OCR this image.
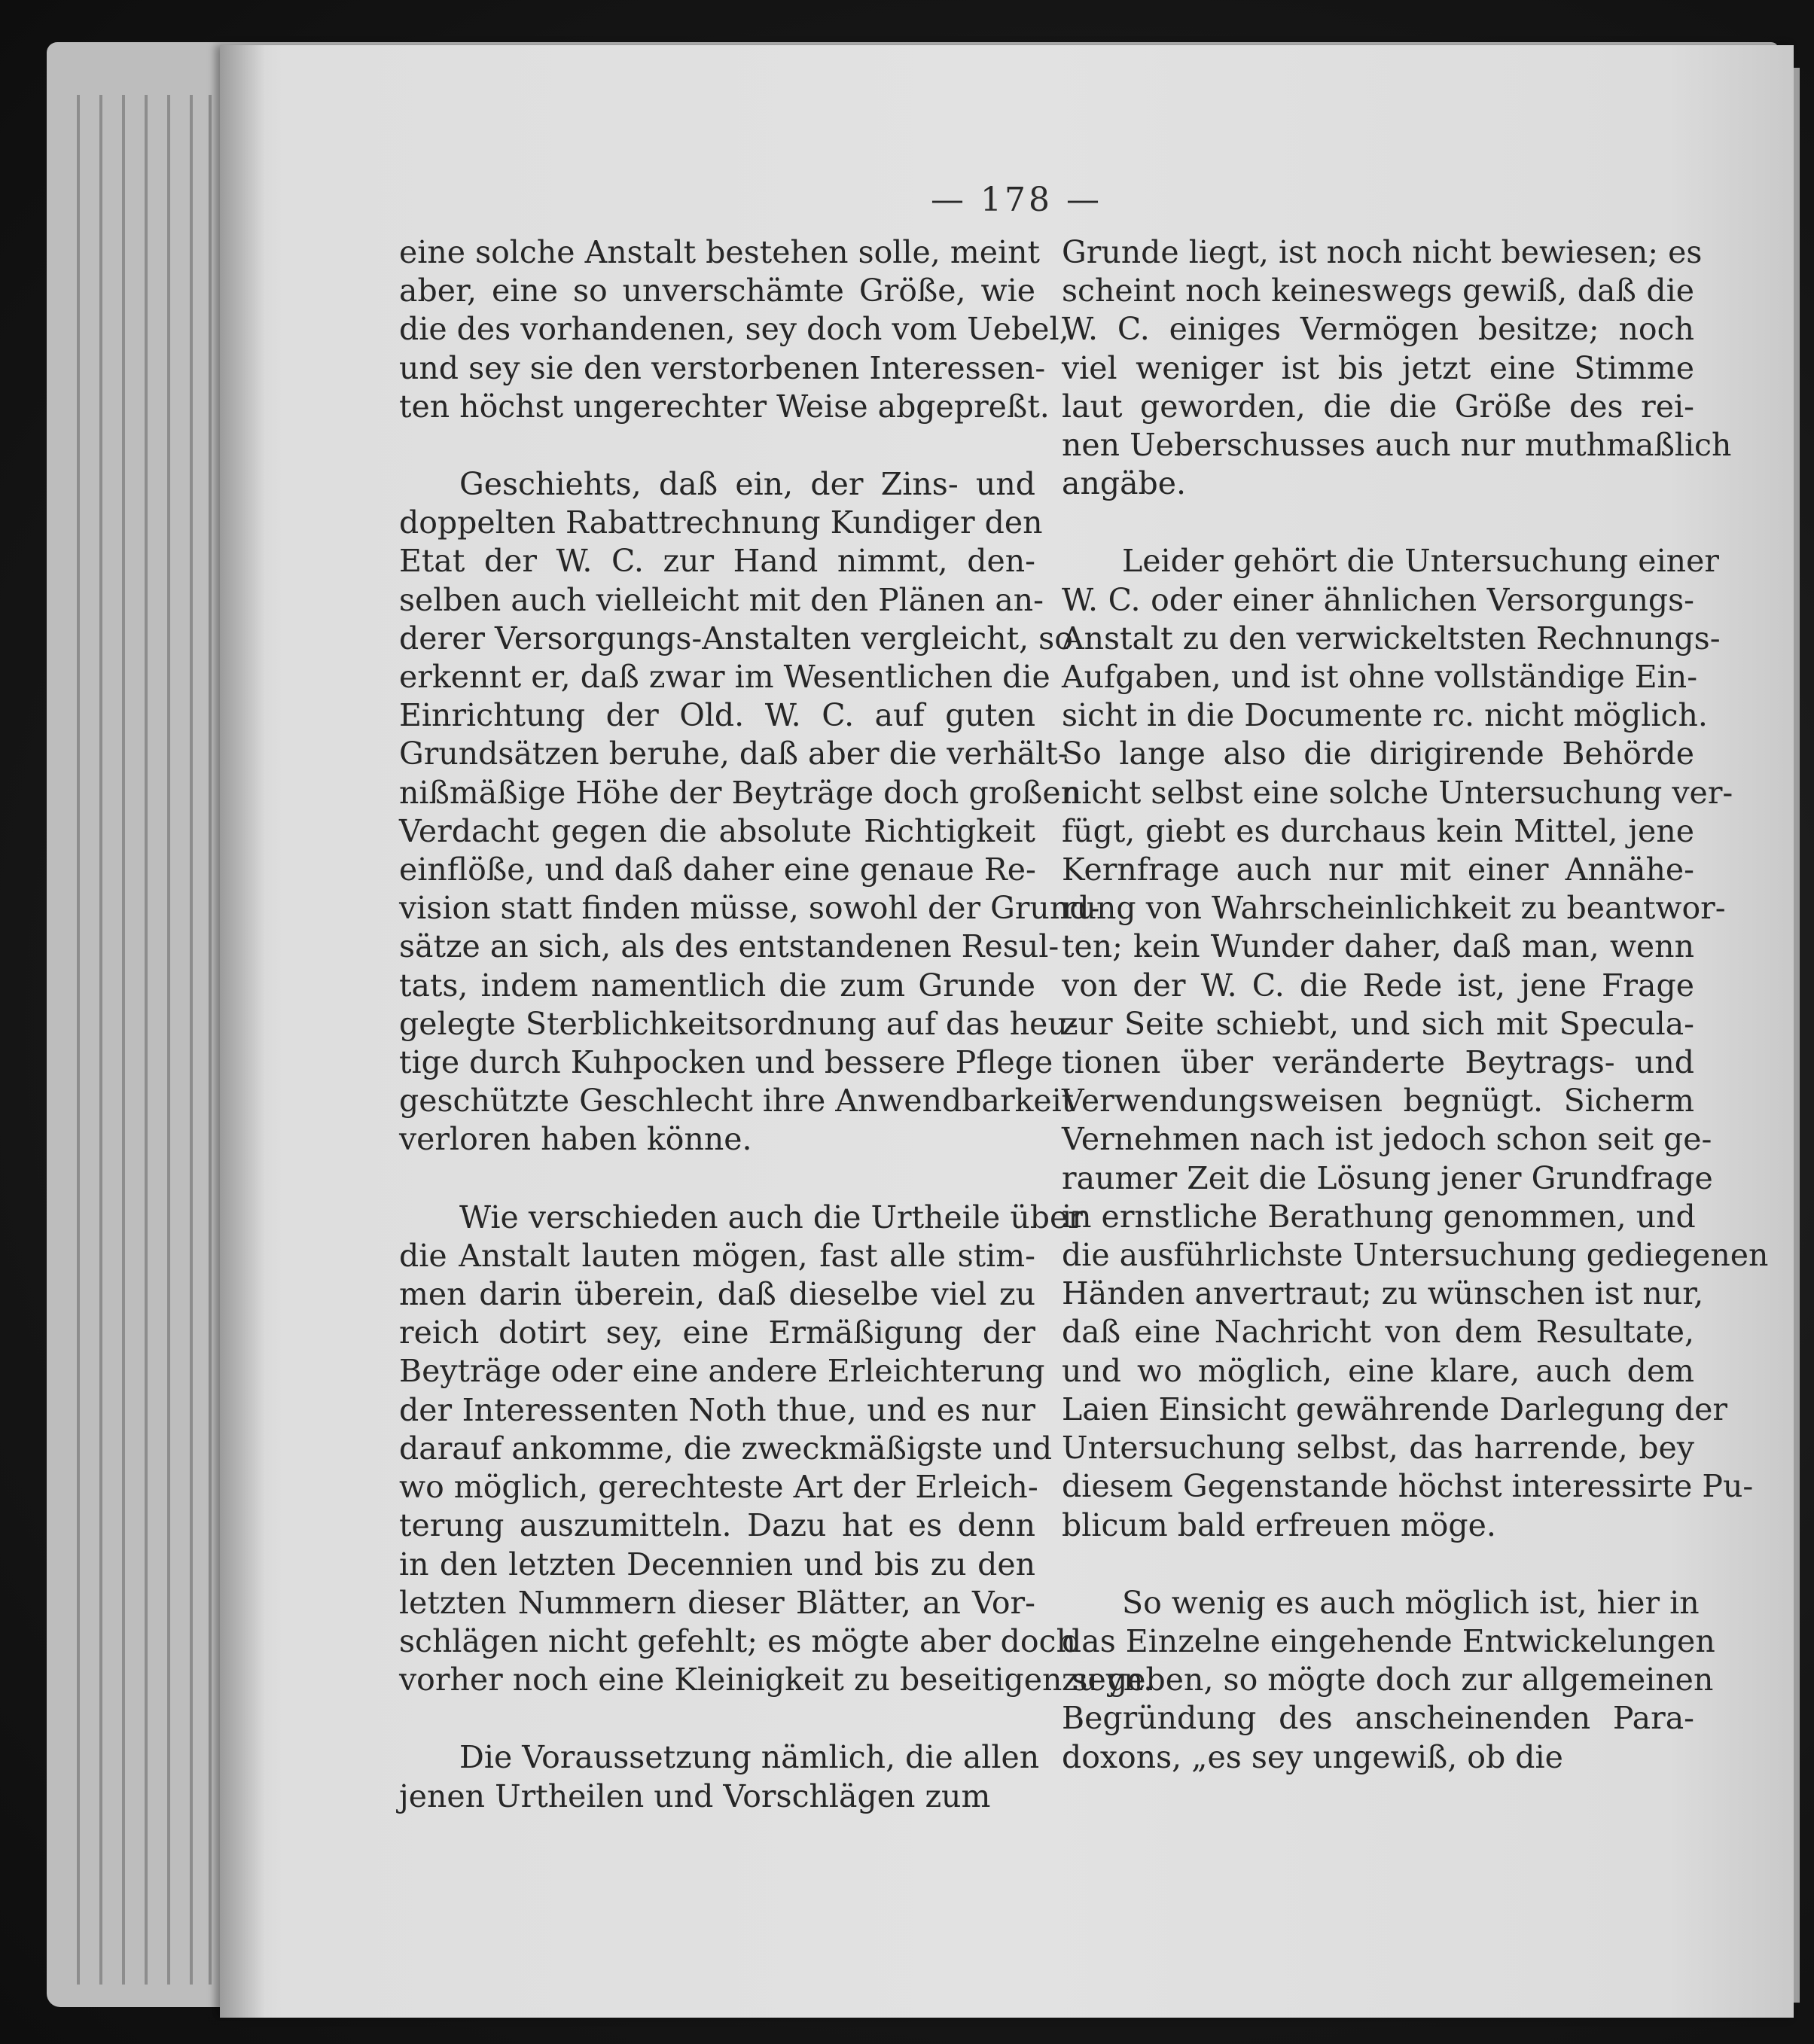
— 178 —

eine solche Anstalt bestehen solle, meint
aber, eine so unverschämte Größe, wie
die des vorhandenen, sey doch vom Uebel,
und sey sie den verstorbenen Interessen-
ten höchst ungerechter Weise abgepreßt.

Geschiehts, daß ein, der Zins- und
doppelten Rabattrechnung Kundiger den
Etat der W. C. zur Hand nimmt, den-
selben auch vielleicht mit den Plänen an-
derer Versorgungs-Anstalten vergleicht, so
erkennt er, daß zwar im Wesentlichen die
Einrichtung der Old. W. C. auf guten
Grundsätzen beruhe, daß aber die verhält-
nißmäßige Höhe der Beyträge doch großen
Verdacht gegen die absolute Richtigkeit
einflöße, und daß daher eine genaue Re-
vision statt finden müsse, sowohl der Grund-
sätze an sich, als des entstandenen Resul-
tats, indem namentlich die zum Grunde
gelegte Sterblichkeitsordnung auf das heu-
tige durch Kuhpocken und bessere Pflege
geschützte Geschlecht ihre Anwendbarkeit
verloren haben könne.

Wie verschieden auch die Urtheile über
die Anstalt lauten mögen, fast alle stim-
men darin überein, daß dieselbe viel zu
reich dotirt sey, eine Ermäßigung der
Beyträge oder eine andere Erleichterung
der Interessenten Noth thue, und es nur
darauf ankomme, die zweckmäßigste und
wo möglich, gerechteste Art der Erleich-
terung auszumitteln. Dazu hat es denn
in den letzten Decennien und bis zu den
letzten Nummern dieser Blätter, an Vor-
schlägen nicht gefehlt; es mögte aber doch
vorher noch eine Kleinigkeit zu beseitigen seyn.

Die Voraussetzung nämlich, die allen
jenen Urtheilen und Vorschlägen zum

Grunde liegt, ist noch nicht bewiesen; es
scheint noch keineswegs gewiß, daß die
W. C. einiges Vermögen besitze; noch
viel weniger ist bis jetzt eine Stimme
laut geworden, die die Größe des rei-
nen Ueberschusses auch nur muthmaßlich
angäbe.

Leider gehört die Untersuchung einer
W. C. oder einer ähnlichen Versorgungs-
Anstalt zu den verwickeltsten Rechnungs-
Aufgaben, und ist ohne vollständige Ein-
sicht in die Documente rc. nicht möglich.
So lange also die dirigirende Behörde
nicht selbst eine solche Untersuchung ver-
fügt, giebt es durchaus kein Mittel, jene
Kernfrage auch nur mit einer Annähe-
rung von Wahrscheinlichkeit zu beantwor-
ten; kein Wunder daher, daß man, wenn
von der W. C. die Rede ist, jene Frage
zur Seite schiebt, und sich mit Specula-
tionen über veränderte Beytrags- und
Verwendungsweisen begnügt. Sicherm
Vernehmen nach ist jedoch schon seit ge-
raumer Zeit die Lösung jener Grundfrage
in ernstliche Berathung genommen, und
die ausführlichste Untersuchung gediegenen
Händen anvertraut; zu wünschen ist nur,
daß eine Nachricht von dem Resultate,
und wo möglich, eine klare, auch dem
Laien Einsicht gewährende Darlegung der
Untersuchung selbst, das harrende, bey
diesem Gegenstande höchst interessirte Pu-
blicum bald erfreuen möge.

So wenig es auch möglich ist, hier in
das Einzelne eingehende Entwickelungen
zu geben, so mögte doch zur allgemeinen
Begründung des anscheinenden Para-
doxons, „es sey ungewiß, ob die
